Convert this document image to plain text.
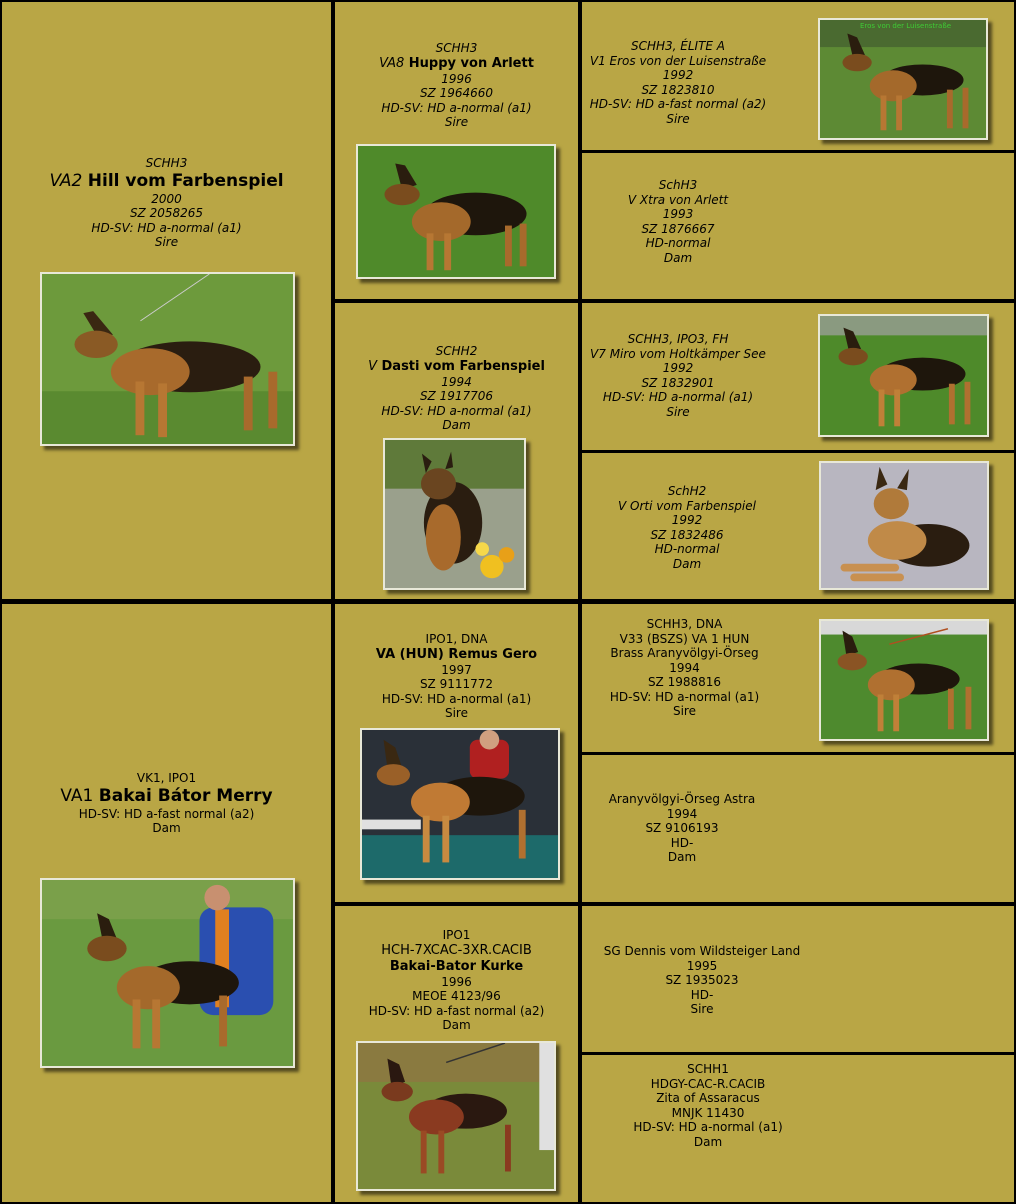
SCHH3
VA2 Hill vom Farbenspiel
2000
SZ 2058265
HD-SV: HD a-normal (a1)
Sire
SCHH3
VA8 Huppy von Arlett
1996
SZ 1964660
HD-SV: HD a-normal (a1)
Sire
SCHH2
V Dasti vom Farbenspiel
1994
SZ 1917706
HD-SV: HD a-normal (a1)
Dam
SCHH3, ÉLITE A
V1 Eros von der Luisenstraße
1992
SZ 1823810
HD-SV: HD a-fast normal (a2)
Sire
Eros von der Luisenstraße
SchH3
V Xtra von Arlett
1993
SZ 1876667
HD-normal
Dam
SCHH3, IPO3, FH
V7 Miro vom Holtkämper See
1992
SZ 1832901
HD-SV: HD a-normal (a1)
Sire
SchH2
V Orti vom Farbenspiel
1992
SZ 1832486
HD-normal
Dam
VK1, IPO1
VA1 Bakai Bátor Merry
HD-SV: HD a-fast normal (a2)
Dam
IPO1, DNA
VA (HUN) Remus Gero
1997
SZ 9111772
HD-SV: HD a-normal (a1)
Sire
IPO1
HCH-7XCAC-3XR.CACIB
Bakai-Bator Kurke
1996
MEOE 4123/96
HD-SV: HD a-fast normal (a2)
Dam
SCHH3, DNA
V33 (BSZS) VA 1 HUN
Brass Aranyvölgyi-Örseg
1994
SZ 1988816
HD-SV: HD a-normal (a1)
Sire
Aranyvölgyi-Örseg Astra
1994
SZ 9106193
HD-
Dam
SG Dennis vom Wildsteiger Land
1995
SZ 1935023
HD-
Sire
SCHH1
HDGY-CAC-R.CACIB
Zita of Assaracus
MNJK 11430
HD-SV: HD a-normal (a1)
Dam
